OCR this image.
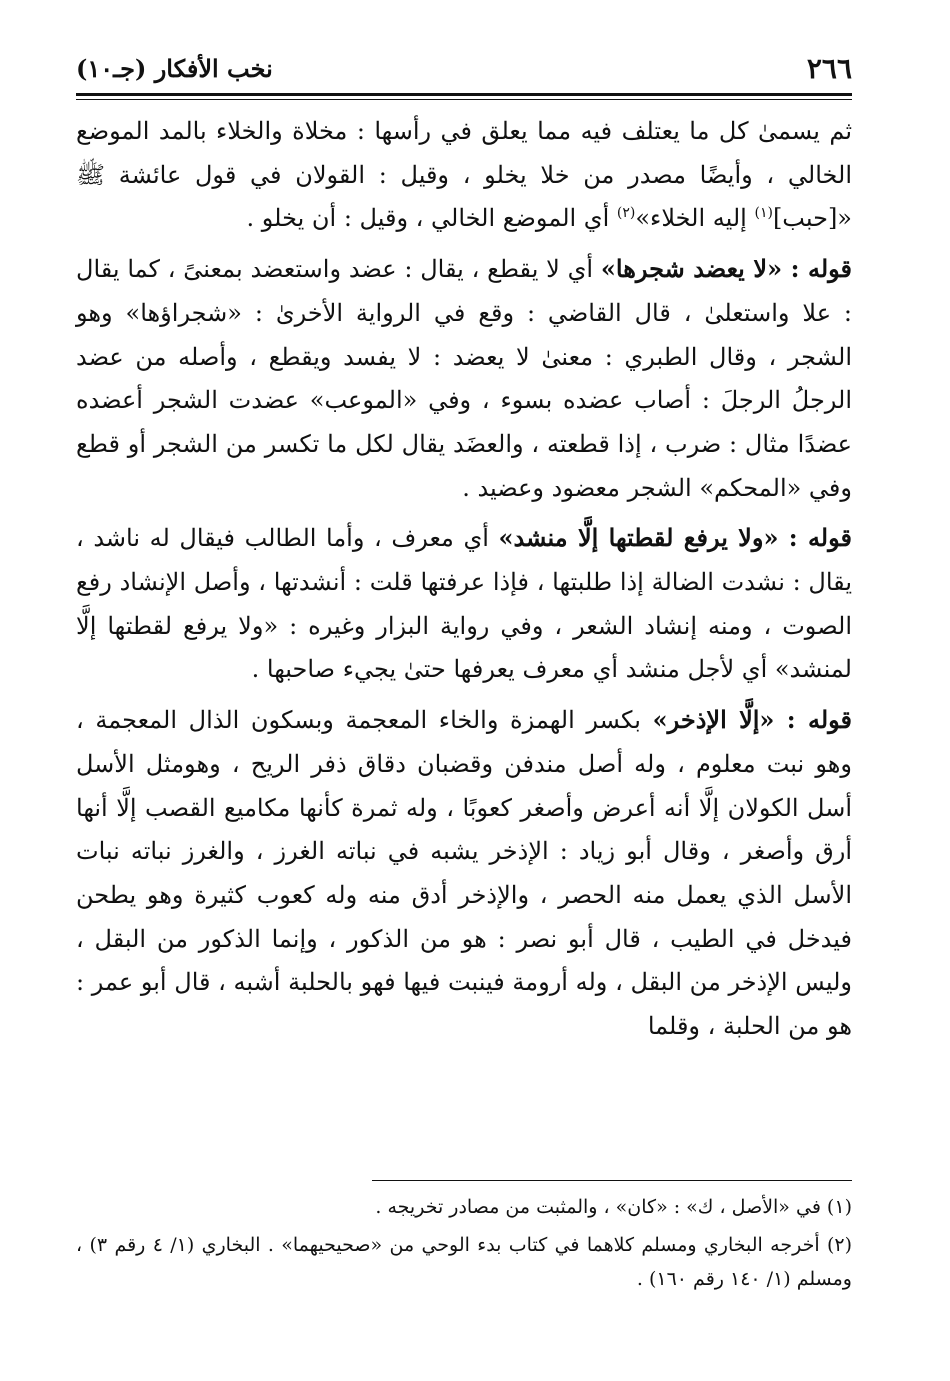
٢٦٦
نخب الأفكار (جـ١٠)

ثم يسمىٰ كل ما يعتلف فيه مما يعلق في رأسها : مخلاة والخلاء بالمد الموضع الخالي ، وأيضًا مصدر من خلا يخلو ، وقيل : القولان في قول عائشة ﷺ «[حبب]$^{(١)}$ إليه الخلاء»$^{(٢)}$ أي الموضع الخالي ، وقيل : أن يخلو .

قوله : «لا يعضد شجرها» أي لا يقطع ، يقال : عضد واستعضد بمعنىً ، كما يقال : علا واستعلىٰ ، قال القاضي : وقع في الرواية الأخرىٰ : «شجراؤها» وهو الشجر ، وقال الطبري : معنىٰ لا يعضد : لا يفسد ويقطع ، وأصله من عضد الرجلُ الرجلَ : أصاب عضده بسوء ، وفي «الموعب» عضدت الشجر أعضده عضدًا مثال : ضرب ، إذا قطعته ، والعضَد يقال لكل ما تكسر من الشجر أو قطع وفي «المحكم» الشجر معضود وعضيد .

قوله : «ولا يرفع لقطتها إلَّا منشد» أي معرف ، وأما الطالب فيقال له ناشد ، يقال : نشدت الضالة إذا طلبتها ، فإذا عرفتها قلت : أنشدتها ، وأصل الإنشاد رفع الصوت ، ومنه إنشاد الشعر ، وفي رواية البزار وغيره : «ولا يرفع لقطتها إلَّا لمنشد» أي لأجل منشد أي معرف يعرفها حتىٰ يجيء صاحبها .

قوله : «إلَّا الإذخر» بكسر الهمزة والخاء المعجمة وبسكون الذال المعجمة ، وهو نبت معلوم ، وله أصل مندفن وقضبان دقاق ذفر الريح ، وهومثل الأسل أسل الكولان إلَّا أنه أعرض وأصغر كعوبًا ، وله ثمرة كأنها مكاميع القصب إلَّا أنها أرق وأصغر ، وقال أبو زياد : الإذخر يشبه في نباته الغرز ، والغرز نباته نبات الأسل الذي يعمل منه الحصر ، والإذخر أدق منه وله كعوب كثيرة وهو يطحن فيدخل في الطيب ، قال أبو نصر : هو من الذكور ، وإنما الذكور من البقل ، وليس الإذخر من البقل ، وله أرومة فينبت فيها فهو بالحلبة أشبه ، قال أبو عمر : هو من الحلبة ، وقلما

(١) في «الأصل ، ك» : «كان» ، والمثبت من مصادر تخريجه .

(٢) أخرجه البخاري ومسلم كلاهما في كتاب بدء الوحي من «صحيحيهما» . البخاري (١/ ٤ رقم ٣) ، ومسلم (١/ ١٤٠ رقم ١٦٠) .
